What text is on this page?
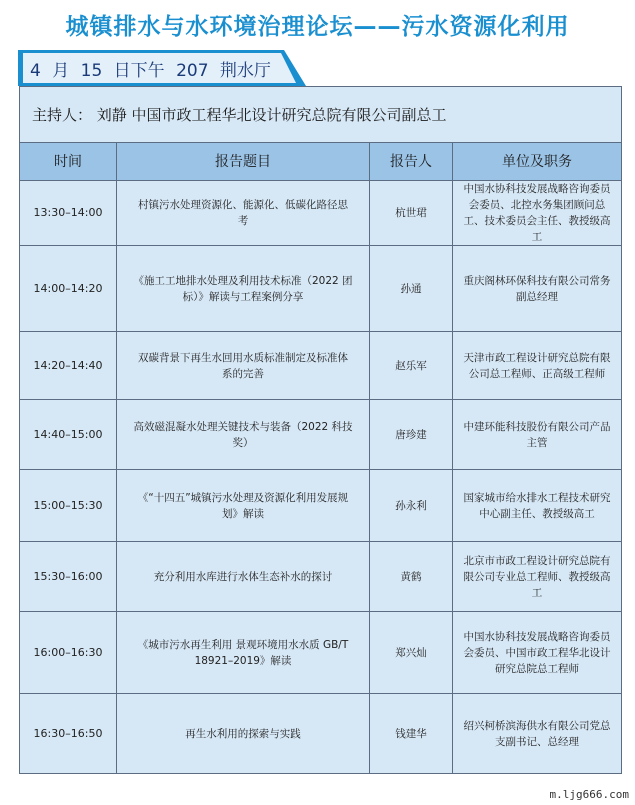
城镇排水与水环境治理论坛——污水资源化利用
4 月 15 日下午 207 荆水厅
主持人： 刘静 中国市政工程华北设计研究总院有限公司副总工			
时间	报告题目	报告人	单位及职务
13:30–14:00	村镇污水处理资源化、能源化、低碳化路径思考	杭世珺	中国水协科技发展战略咨询委员会委员、北控水务集团顾问总工、技术委员会主任、教授级高工
14:00–14:20	《施工工地排水处理及利用技术标准（2022 团标）》解读与工程案例分享	孙通	重庆阁林环保科技有限公司常务副总经理
14:20–14:40	双碳背景下再生水回用水质标准制定及标准体系的完善	赵乐军	天津市政工程设计研究总院有限公司总工程师、正高级工程师
14:40–15:00	高效磁混凝水处理关键技术与装备（2022 科技奖）	唐珍建	中建环能科技股份有限公司产品主管
15:00–15:30	《“十四五”城镇污水处理及资源化利用发展规划》解读	孙永利	国家城市给水排水工程技术研究中心副主任、教授级高工
15:30–16:00	充分利用水库进行水体生态补水的探讨	黄鹤	北京市市政工程设计研究总院有限公司专业总工程师、教授级高工
16:00–16:30	《城市污水再生利用 景观环境用水水质 GB/T 18921–2019》解读	郑兴灿	中国水协科技发展战略咨询委员会委员、中国市政工程华北设计研究总院总工程师
16:30–16:50	再生水利用的探索与实践	钱建华	绍兴柯桥滨海供水有限公司党总支副书记、总经理
m.ljg666.com
